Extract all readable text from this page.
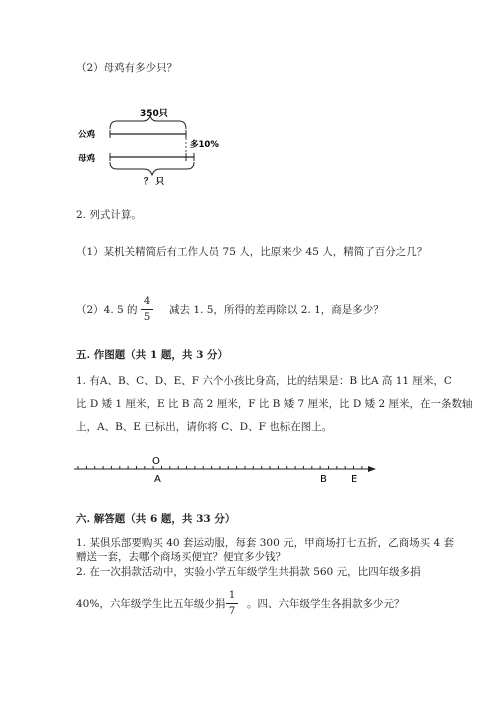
（2）母鸡有多少只？
350只
公鸡
多10%
母鸡
？ 只
2. 列式计算。
（1）某机关精简后有工作人员 75 人，比原来少 45 人，精简了百分之几？
（2）4. 5 的
4
5
减去 1. 5，所得的差再除以 2. 1，商是多少？
五. 作图题（共 1 题，共 3 分）
1. 有A、B、C、D、E、F 六个小孩比身高，比的结果是：B 比A 高 11 厘米，C
比 D 矮 1 厘米，E 比 B 高 2 厘米，F 比 B 矮 7 厘米，比 D 矮 2 厘米，在一条数轴
上，A、B、E 已标出，请你将 C、D、F 也标在图上。
O
A	B E
六. 解答题（共 6 题，共 33 分）
1. 某俱乐部要购买 40 套运动服，每套 300 元，甲商场打七五折，乙商场买 4 套
赠送一套，去哪个商场买便宜？便宜多少钱？
2. 在一次捐款活动中，实验小学五年级学生共捐款 560 元，比四年级多捐
40%，六年级学生比五年级少捐
1
7
。四、六年级学生各捐款多少元？
